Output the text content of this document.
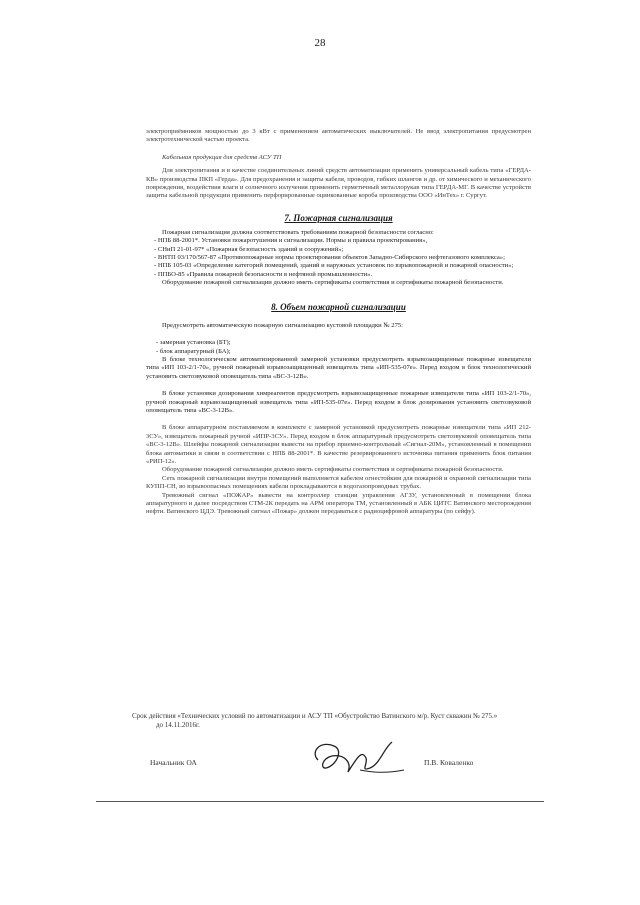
28

электроприёмников мощностью до 3 кВт с применением автоматических выключателей. Не ввод электропитания предусмотрен электротехнической частью проекта.

Кабельная продукция для средств АСУ ТП

Для электропитания и в качестве соединительных линий средств автоматизации применить универсальный кабель типа «ГЕРДА-КВ» производства ПКП «Герда». Для предохранения и защиты кабеля, проводов, гибких шлангов и др. от химического и механического повреждения, воздействия влаги и солнечного излучения применить герметичный металлорукав типа ГЕРДА-МГ. В качестве устройств защиты кабельной продукции применить перфорированные оцинкованные короба производства ООО «ИнТех» г. Сургут.

7. Пожарная сигнализация

Пожарная сигнализация должна соответствовать требованиям пожарной безопасности согласно:

- НПБ 88-2001*. Установки пожаротушения и сигнализации. Нормы и правила проектирования»,

- СНиП 21-01-97* «Пожарная безопасность зданий и сооружений»;

- ВНТП 03/170/567-87 «Противопожарные нормы проектирования объектов Западно-Сибирского нефтегазового комплекса»;

- НПБ 105-03 «Определение категорий помещений, зданий и наружных установок по взрывопожарной и пожарной опасности»;

- ППБО-85 «Правила пожарной безопасности в нефтяной промышленности».

Оборудование пожарной сигнализации должно иметь сертификаты соответствия и сертификаты пожарной безопасности.

8. Объем пожарной сигнализации

Предусмотреть автоматическую пожарную сигнализацию кустовой площадки № 275:

- замерная установка (БТ);

- блок аппаратурный (БА);

В блоке технологическом автоматизированной замерной установки предусмотреть взрывозащищенные пожарные извещатели типа «ИП 103-2/1-70», ручной пожарный взрывозащищенный извещатель типа «ИП-535-07е». Перед входом в блок технологический установить светозвуковой оповещатель типа «ВС-3-12В».

В блоке установки дозирования химреагентов предусмотреть взрывозащищенные пожарные извещатели типа «ИП 103-2/1-70», ручной пожарный взрывозащищенный извещатель типа «ИП-535-07е». Перед входом в блок дозирования установить светозвуковой оповещатель типа «ВС-3-12В».

В блоке аппаратурном поставляемом в комплекте с замерной установкой предусмотреть пожарные извещатели типа «ИП 212-3СУ», извещатель пожарный ручной «ИПР-3СУ». Перед входом в блок аппаратурный предусмотреть светозвуковой оповещатель типа «ВС-3-12В». Шлейфы пожарной сигнализации вывести на прибор приемно-контрольный «Сигнал-20М», установленный в помещении блока автоматики и связи в соответствии с НПБ 88-2001*. В качестве резервированного источника питания применить блок питания «РИП-12».

Оборудование пожарной сигнализации должно иметь сертификаты соответствия и сертификаты пожарной безопасности.

Сеть пожарной сигнализации внутри помещений выполняется кабелем огнестойким для пожарной и охранной сигнализации типа КУПП-СН, во взрывоопасных помещениях кабели прокладываются в водогазопроводных трубах.

Тревожный сигнал «ПОЖАР» вывести на контроллер станции управления АГЗУ, установленный в помещении блока аппаратурного и далее посредством СТМ-2К передать на АРМ оператора ТМ, установленный в АБК ЦИТС Ватинского месторождения нефти. Ватинского ЦДЭ. Тревожный сигнал «Пожар» должен передаваться с радиоцифровой аппаратуры (по сейфу).

Срок действия «Технических условий по автоматизации и АСУ ТП «Обустройство Ватинского м/р. Куст скважин № 275.» до 14.11.2016г.
Начальник ОА	П.В. Коваленко
